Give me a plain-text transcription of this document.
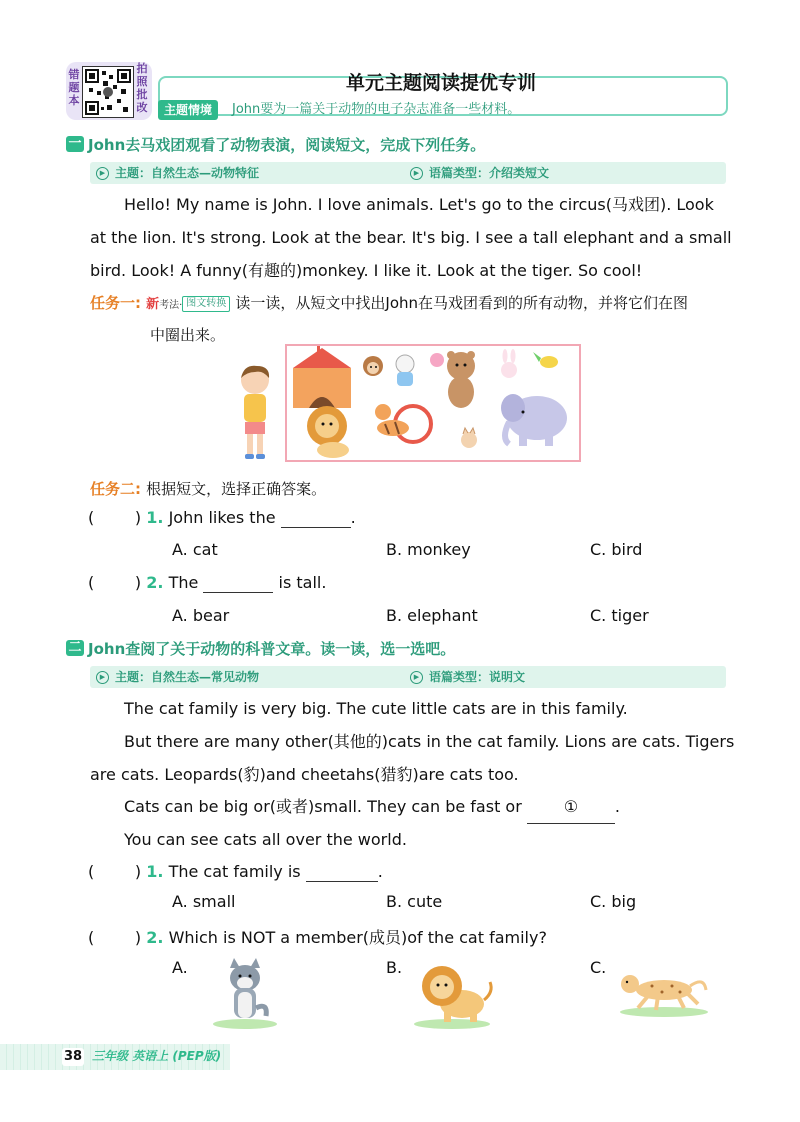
错题本
拍照批改
单元主题阅读提优专训
主题情境	John要为一篇关于动物的电子杂志准备一些材料。
一 John去马戏团观看了动物表演，阅读短文，完成下列任务。
▶ 主题：自然生态—动物特征	▶ 语篇类型：介绍类短文
Hello! My name is John. I love animals. Let's go to the circus(马戏团). Look
at the lion. It's strong. Look at the bear. It's big. I see a tall elephant and a small
bird. Look! A funny(有趣的)monkey. I like it. Look at the tiger. So cool!
任务一: 新考法· 图文转换 读一读，从短文中找出John在马戏团看到的所有动物，并将它们在图
中圈出来。
任务二: 根据短文，选择正确答案。
(        ) 1. John likes the	.
A. cat	B. monkey	C. bird
(        ) 2. The	is tall.
A. bear	B. elephant	C. tiger
二 John查阅了关于动物的科普文章。读一读，选一选吧。
▶ 主题：自然生态—常见动物	▶ 语篇类型：说明文
The cat family is very big. The cute little cats are in this family.
But there are many other(其他的)cats in the cat family. Lions are cats. Tigers
are cats. Leopards(豹)and cheetahs(猎豹)are cats too.
Cats can be big or(或者)small. They can be fast or	① .
You can see cats all over the world.
(        ) 1. The cat family is	.
A. small	B. cute	C. big
(        ) 2. Which is NOT a member(成员)of the cat family?
A.	B.	C.
38 三年级 英语上 (PEP版)
